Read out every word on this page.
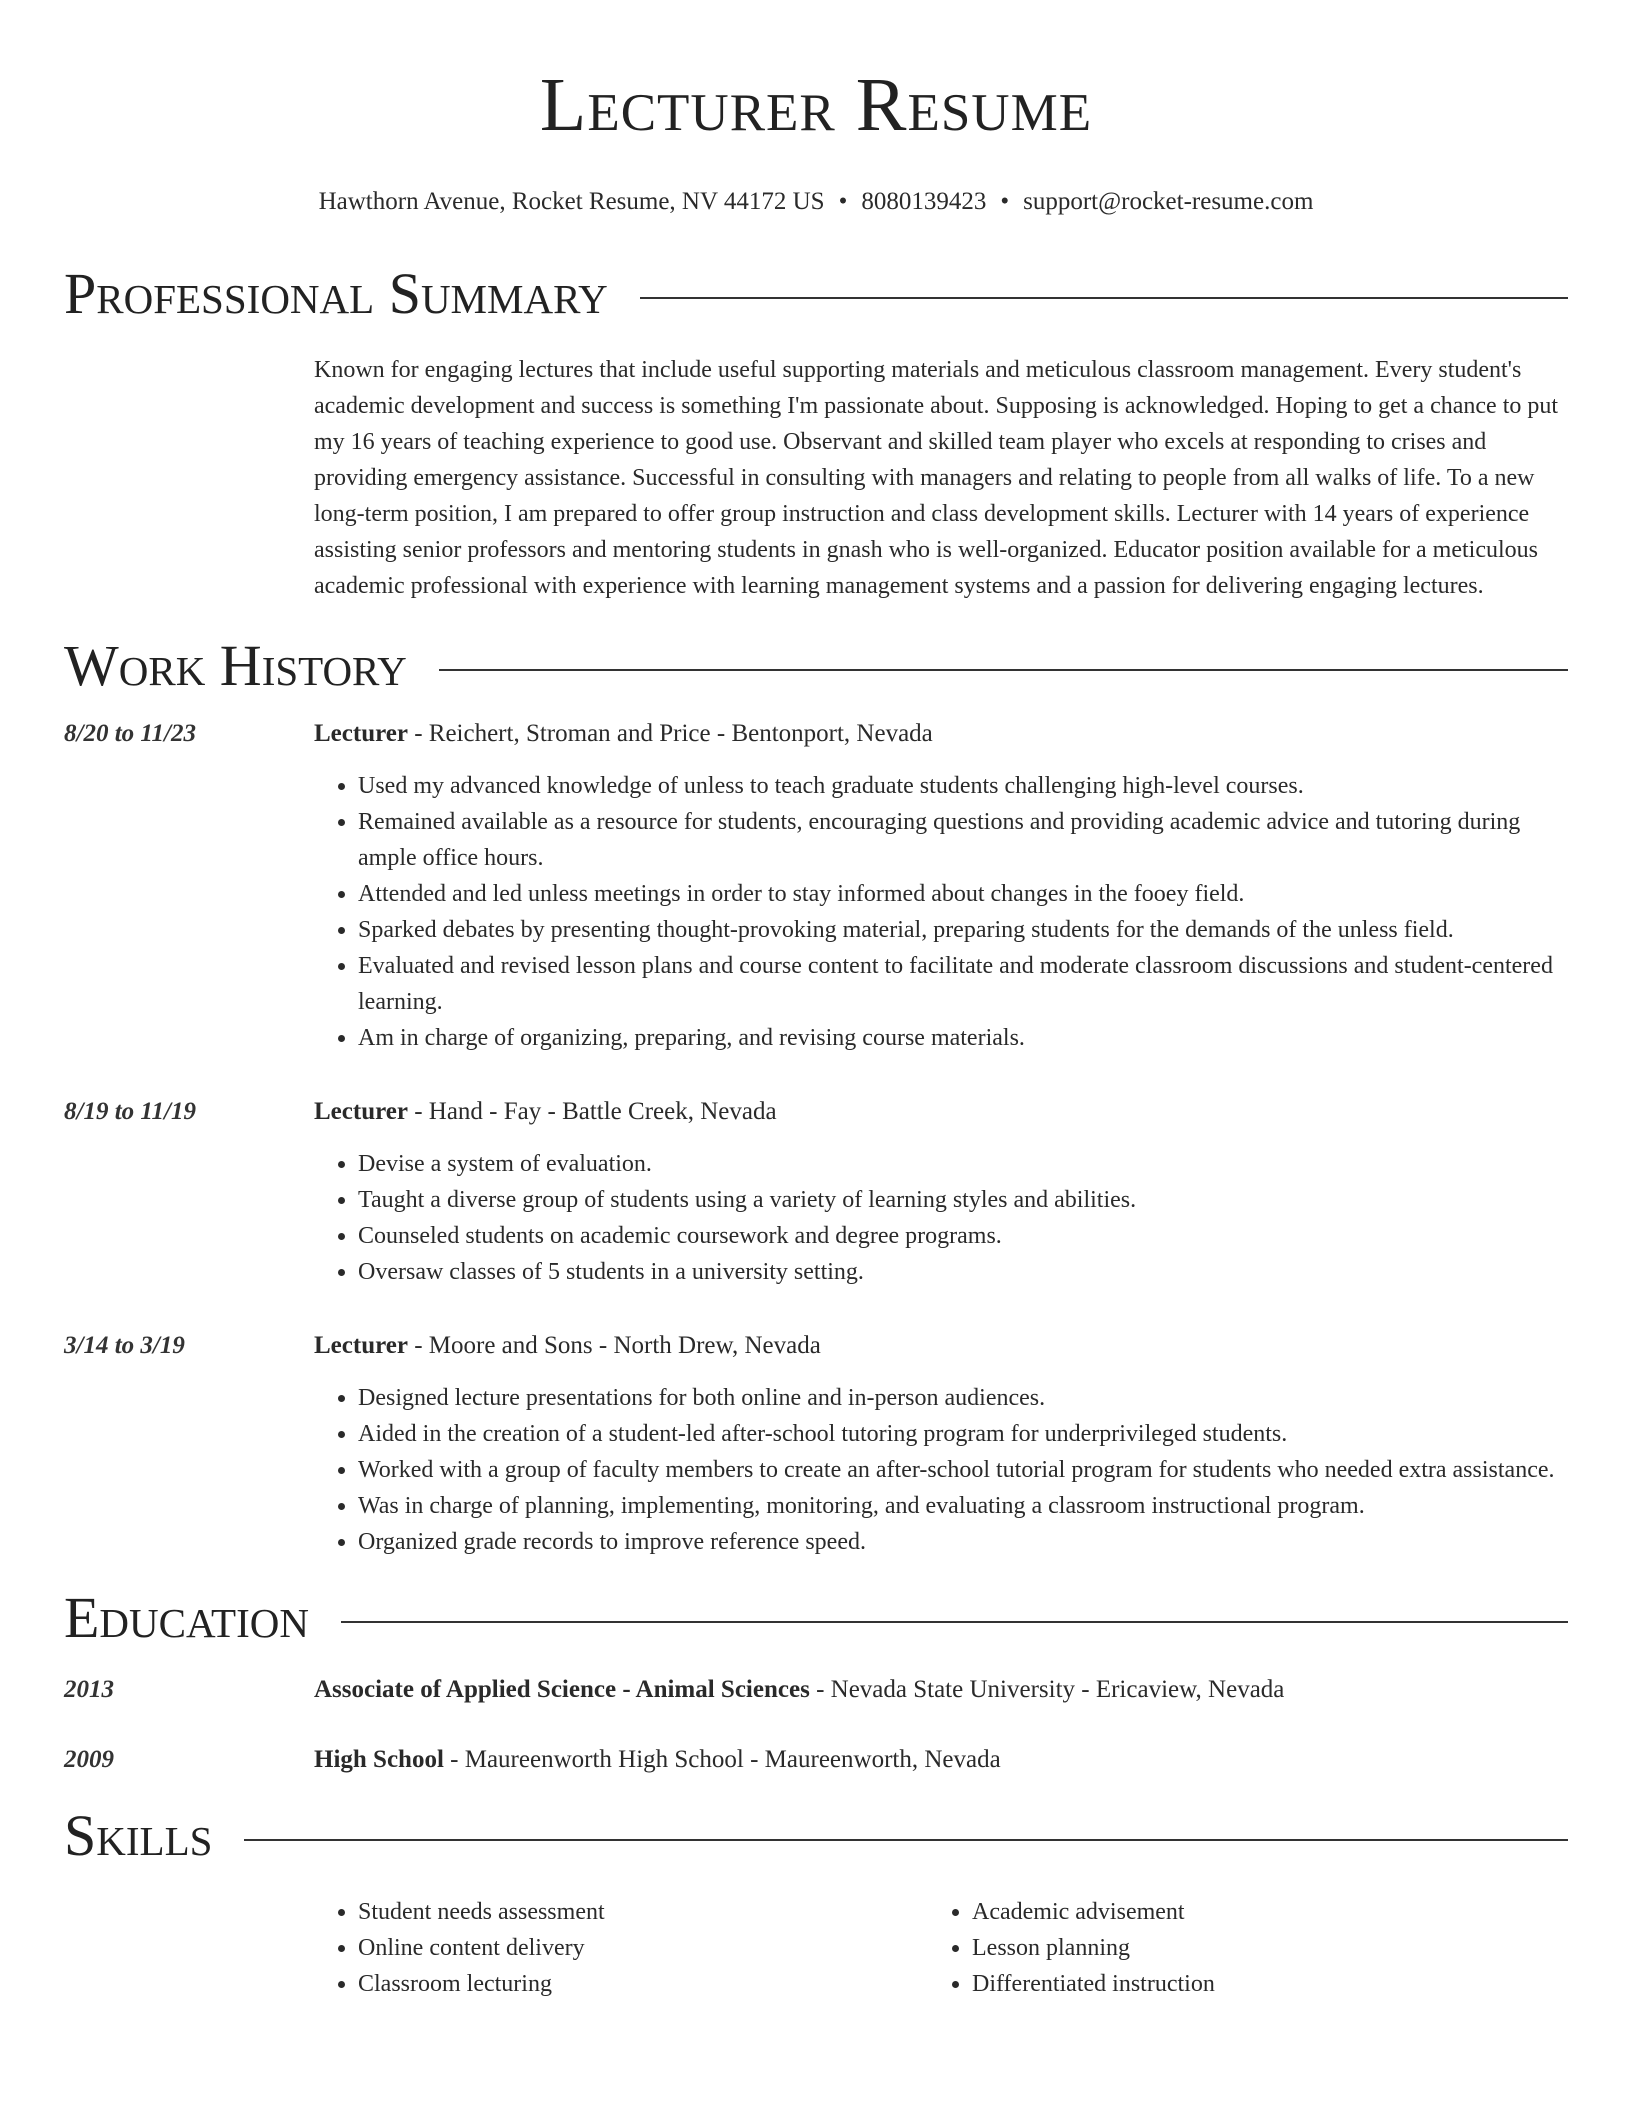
Lecturer Resume
Hawthorn Avenue, Rocket Resume, NV 44172 US • 8080139423 • support@rocket-resume.com
Professional Summary
Known for engaging lectures that include useful supporting materials and meticulous classroom management. Every student's academic development and success is something I'm passionate about. Supposing is acknowledged. Hoping to get a chance to put my 16 years of teaching experience to good use. Observant and skilled team player who excels at responding to crises and providing emergency assistance. Successful in consulting with managers and relating to people from all walks of life. To a new long-term position, I am prepared to offer group instruction and class development skills. Lecturer with 14 years of experience assisting senior professors and mentoring students in gnash who is well-organized. Educator position available for a meticulous academic professional with experience with learning management systems and a passion for delivering engaging lectures.
Work History
8/20 to 11/23	Lecturer - Reichert, Stroman and Price - Bentonport, Nevada
• Used my advanced knowledge of unless to teach graduate students challenging high-level courses.
• Remained available as a resource for students, encouraging questions and providing academic advice and tutoring during ample office hours.
• Attended and led unless meetings in order to stay informed about changes in the fooey field.
• Sparked debates by presenting thought-provoking material, preparing students for the demands of the unless field.
• Evaluated and revised lesson plans and course content to facilitate and moderate classroom discussions and student-centered learning.
• Am in charge of organizing, preparing, and revising course materials.
8/19 to 11/19	Lecturer - Hand - Fay - Battle Creek, Nevada
• Devise a system of evaluation.
• Taught a diverse group of students using a variety of learning styles and abilities.
• Counseled students on academic coursework and degree programs.
• Oversaw classes of 5 students in a university setting.
3/14 to 3/19	Lecturer - Moore and Sons - North Drew, Nevada
• Designed lecture presentations for both online and in-person audiences.
• Aided in the creation of a student-led after-school tutoring program for underprivileged students.
• Worked with a group of faculty members to create an after-school tutorial program for students who needed extra assistance.
• Was in charge of planning, implementing, monitoring, and evaluating a classroom instructional program.
• Organized grade records to improve reference speed.
Education
2013	Associate of Applied Science - Animal Sciences - Nevada State University - Ericaview, Nevada
2009	High School - Maureenworth High School - Maureenworth, Nevada
Skills
• Student needs assessment
• Online content delivery
• Classroom lecturing
• Academic advisement
• Lesson planning
• Differentiated instruction
